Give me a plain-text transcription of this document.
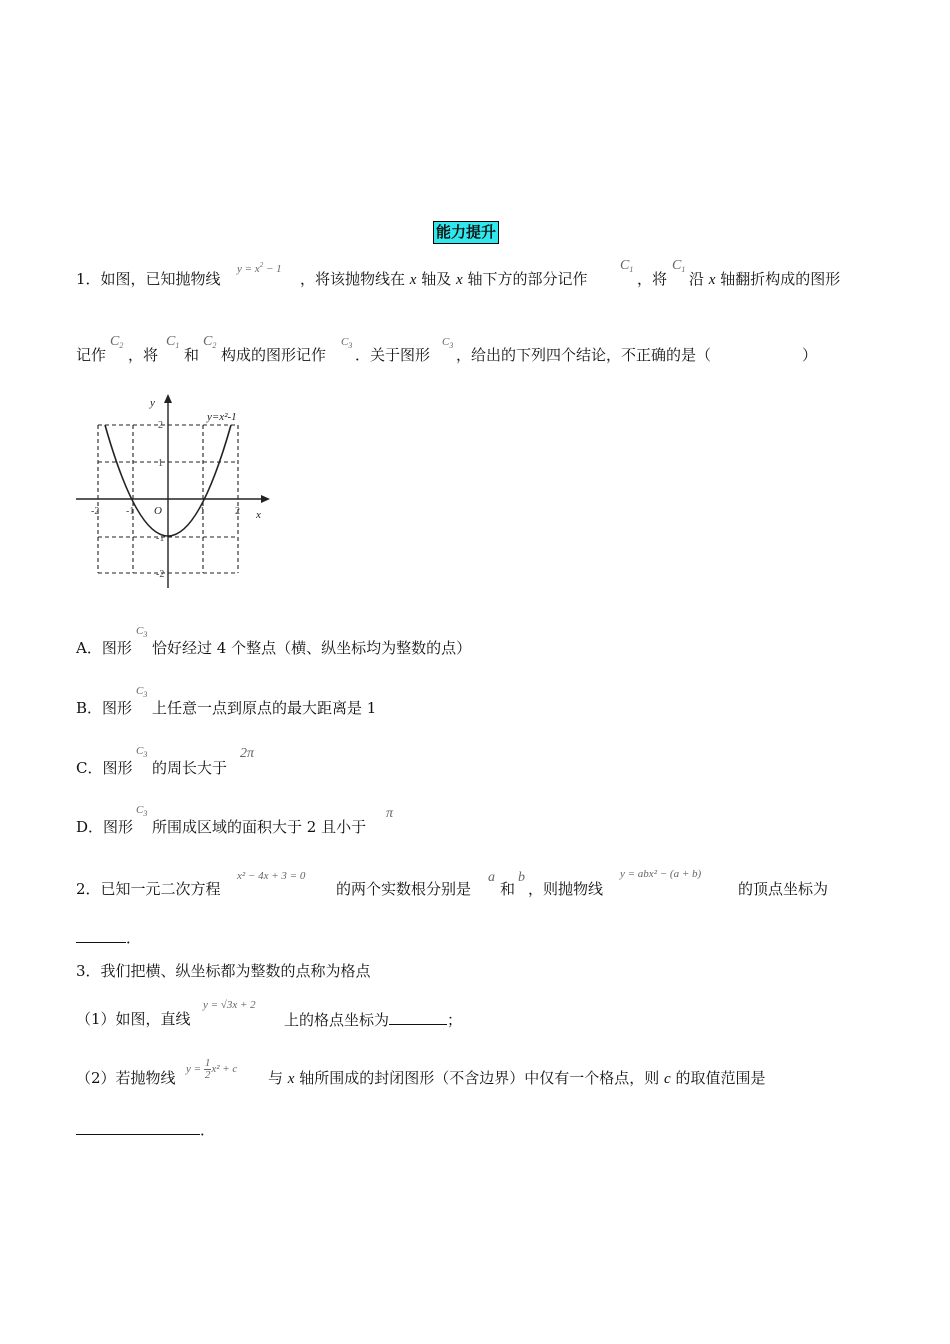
能力提升
1．如图，已知抛物线
$y = x^2 - 1$
，将该抛物线在 x 轴及 x 轴下方的部分记作
$C_1$
，将
$C_1$
沿 x 轴翻折构成的图形
记作
$C_2$
，将
$C_1$
和
$C_2$
构成的图形记作
$C_3$
．关于图形
$C_3$
，给出的下列四个结论，不正确的是（	）
y
x
O
y=x²-1
-2	-1	1	2
2
1
-1
-2
A．图形
$C_3$
恰好经过 4 个整点（横、纵坐标均为整数的点）
B．图形
$C_3$
上任意一点到原点的最大距离是 1
C．图形
$C_3$
的周长大于
2π
D．图形
$C_3$
所围成区域的面积大于 2 且小于
π
2．已知一元二次方程
x² − 4x + 3 = 0
的两个实数根分别是
a
和
b
，则抛物线
y = abx² − (a + b)
的顶点坐标为
．
3．我们把横、纵坐标都为整数的点称为格点
（1）如图，直线
y = √3x + 2
上的格点坐标为	；
（2）若抛物线 $y = \frac{1}{2} x^2 + c$ 与 x 轴所围成的封闭图形（不含边界）中仅有一个格点，则 c 的取值范围是
．
